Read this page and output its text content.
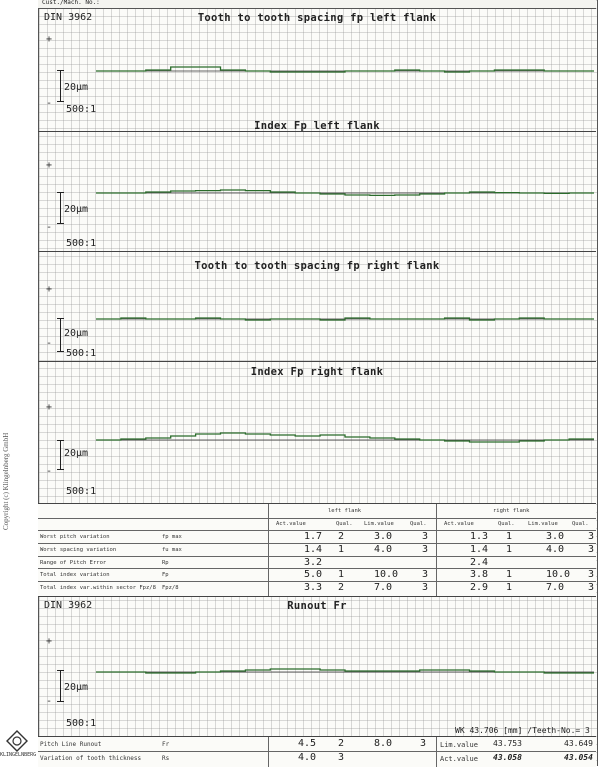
Cust./Mach. No.:
DIN 3962	Tooth to tooth spacing fp left flank
+
20µm
-
500:1
Index Fp left flank
+
20µm
-
500:1
Tooth to tooth spacing fp right flank
+
20µm
-
500:1
Index Fp right flank
+
20µm
-
500:1
left flank	right flank
Act.value	Qual. Lim.value	Qual.	Act.value	Qual. Lim.value	Qual.
Worst pitch variation	fp max	1.7 2	3.0	3	1.3 1	3.0 3
Worst spacing variation	fu max	1.4 1	4.0	3	1.4 1	4.0 3
Range of Pitch Error	Rp	3.2	2.4
Total index variation	Fp	5.0 1	10.0 3	3.8 1	10.0 3
Total index var.within sector Fpz/8 Fpz/8	3.3 2	7.0	3	2.9 1	7.0 3
DIN 3962	Runout Fr
+
20µm
-
500:1
WK 43.706 [mm] /Teeth-No.= 3
Pitch Line Runout	Fr	4.5 2	8.0	3 Lim.value 43.753	43.649
Variation of tooth thickness	Rs	4.0 3	Act.value 43.058	43.054
Copyright (c) Klingelnberg GmbH
KLINGELNBERG
